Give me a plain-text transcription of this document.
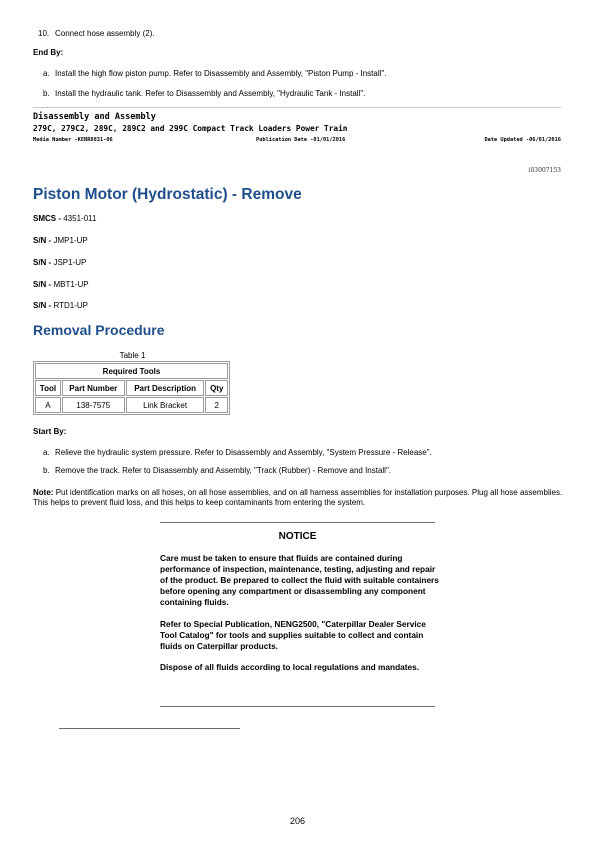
10. Connect hose assembly (2).
End By:
a. Install the high flow piston pump. Refer to Disassembly and Assembly, "Piston Pump - Install".
b. Install the hydraulic tank. Refer to Disassembly and Assembly, "Hydraulic Tank - Install".
Disassembly and Assembly
279C, 279C2, 289C, 289C2 and 299C Compact Track Loaders Power Train
Media Number -KENR8831-06	Publication Date -01/01/2016	Date Updated -06/01/2016
i03007153
Piston Motor (Hydrostatic) - Remove
SMCS - 4351-011
S/N - JMP1-UP
S/N - JSP1-UP
S/N - MBT1-UP
S/N - RTD1-UP
Removal Procedure
Table 1
Required Tools			
Tool	Part Number	Part Description	Qty
A	138-7575	Link Bracket	2
Start By:
a. Relieve the hydraulic system pressure. Refer to Disassembly and Assembly, "System Pressure - Release".
b. Remove the track. Refer to Disassembly and Assembly, "Track (Rubber) - Remove and Install".
Note: Put identification marks on all hoses, on all hose assemblies, and on all harness assemblies for installation purposes. Plug all hose assemblies. This helps to prevent fluid loss, and this helps to keep contaminants from entering the system.
NOTICE
Care must be taken to ensure that fluids are contained during performance of inspection, maintenance, testing, adjusting and repair of the product. Be prepared to collect the fluid with suitable containers before opening any compartment or disassembling any component containing fluids.
Refer to Special Publication, NENG2500, "Caterpillar Dealer Service Tool Catalog" for tools and supplies suitable to collect and contain fluids on Caterpillar products.
Dispose of all fluids according to local regulations and mandates.
206
